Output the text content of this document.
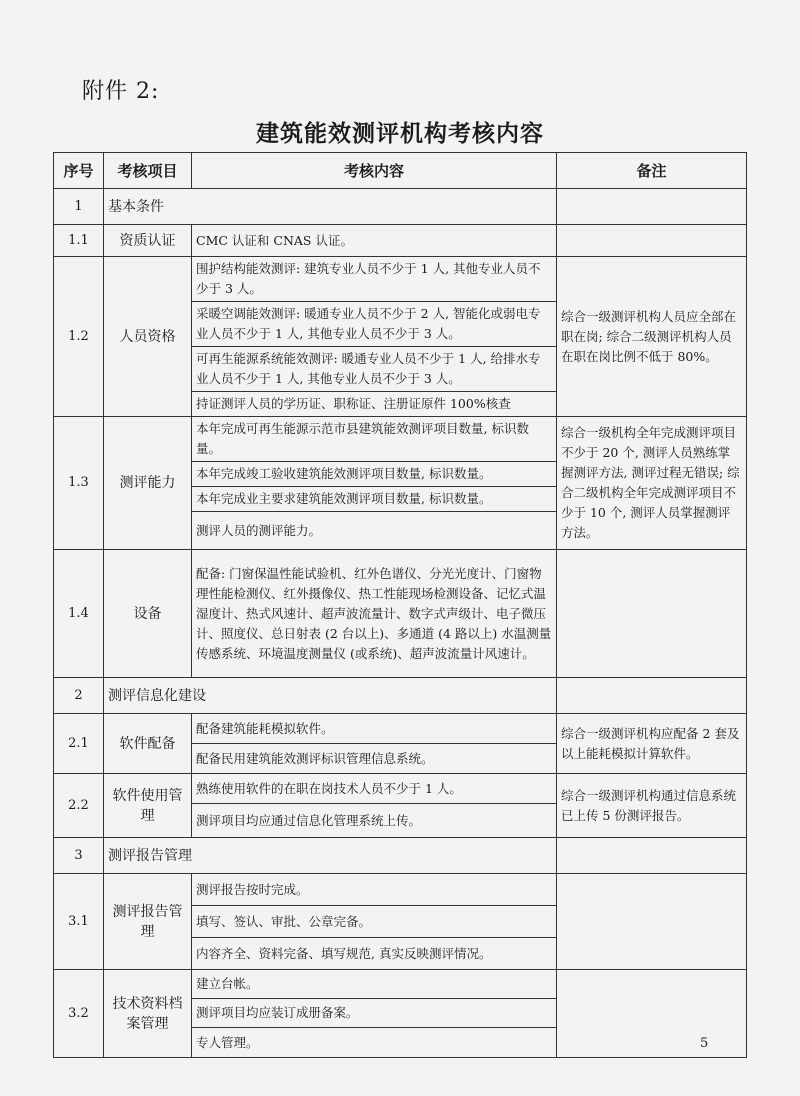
附件 2:
建筑能效测评机构考核内容
序号	考核项目	考核内容	备注
1	基本条件		
1.1	资质认证	CMC 认证和 CNAS 认证。	
1.2	人员资格	围护结构能效测评: 建筑专业人员不少于 1 人, 其他专业人员不少于 3 人。	综合一级测评机构人员应全部在职在岗; 综合二级测评机构人员在职在岗比例不低于 80%。
		采暖空调能效测评: 暖通专业人员不少于 2 人, 智能化或弱电专业人员不少于 1 人, 其他专业人员不少于 3 人。	
		可再生能源系统能效测评: 暖通专业人员不少于 1 人, 给排水专业人员不少于 1 人, 其他专业人员不少于 3 人。	
		持证测评人员的学历证、职称证、注册证原件 100%核查	
1.3	测评能力	本年完成可再生能源示范市县建筑能效测评项目数量, 标识数量。	综合一级机构全年完成测评项目不少于 20 个, 测评人员熟练掌握测评方法, 测评过程无错误; 综合二级机构全年完成测评项目不少于 10 个, 测评人员掌握测评方法。
		本年完成竣工验收建筑能效测评项目数量, 标识数量。	
		本年完成业主要求建筑能效测评项目数量, 标识数量。	
		测评人员的测评能力。	
1.4	设备	配备: 门窗保温性能试验机、红外色谱仪、分光光度计、门窗物理性能检测仪、红外摄像仪、热工性能现场检测设备、记忆式温湿度计、热式风速计、超声波流量计、数字式声级计、电子微压计、照度仪、总日射表 (2 台以上)、多通道 (4 路以上) 水温测量传感系统、环境温度测量仪 (或系统)、超声波流量计风速计。	
2	测评信息化建设		
2.1	软件配备	配备建筑能耗模拟软件。	综合一级测评机构应配备 2 套及以上能耗模拟计算软件。
		配备民用建筑能效测评标识管理信息系统。	
2.2	软件使用管理	熟练使用软件的在职在岗技术人员不少于 1 人。	综合一级测评机构通过信息系统已上传 5 份测评报告。
		测评项目均应通过信息化管理系统上传。	
3	测评报告管理		
3.1	测评报告管理	测评报告按时完成。	
		填写、签认、审批、公章完备。	
		内容齐全、资料完备、填写规范, 真实反映测评情况。	
3.2	技术资料档案管理	建立台帐。	
		测评项目均应装订成册备案。	
		专人管理。		5
